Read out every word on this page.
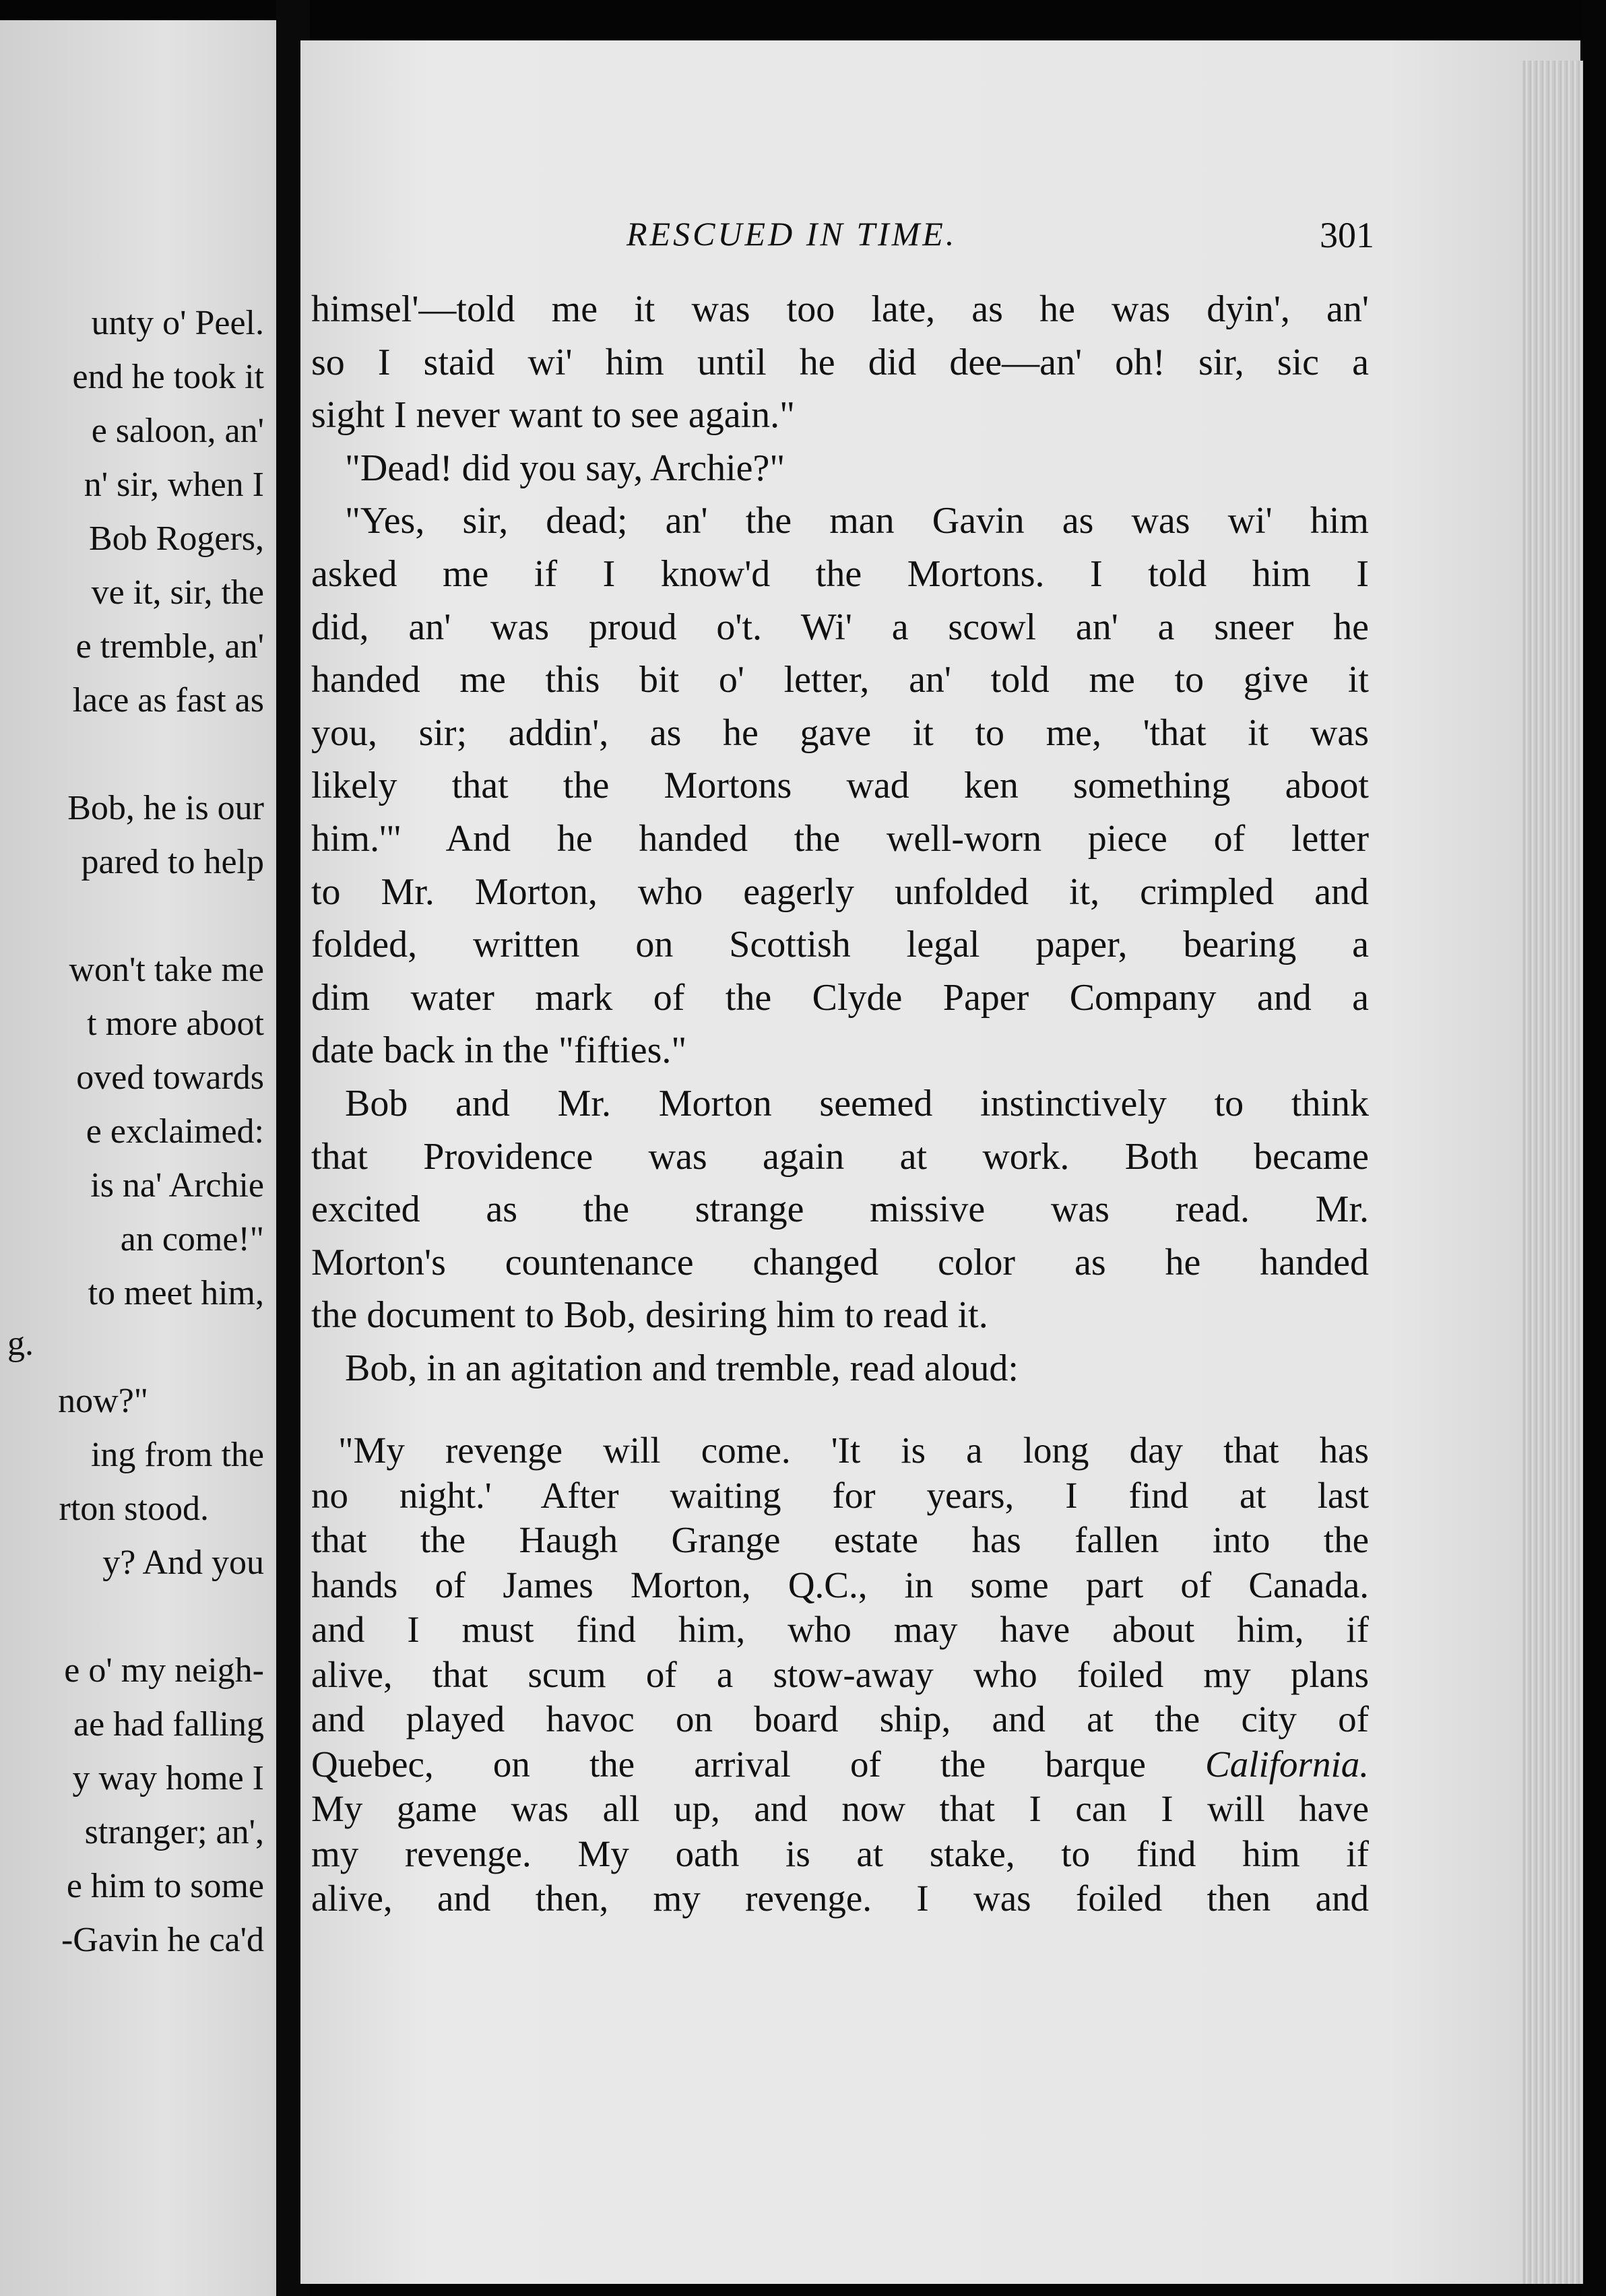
unty o' Peel.
end he took it
e saloon, an'
n' sir, when I
Bob Rogers,
ve it, sir, the
e tremble, an'
lace as fast as
Bob, he is our
pared to help
won't take me
t more aboot
oved towards
e exclaimed:
is na' Archie
an come!"
to meet him,
g.
now?"
ing from the
rton stood.
y? And you
e o' my neigh-
ae had falling
y way home I
stranger; an',
e him to some
-Gavin he ca'd
RESCUED IN TIME.	301
himsel'—told me it was too late, as he was dyin', an'
so I staid wi' him until he did dee—an' oh! sir, sic a
sight I never want to see again."
"Dead! did you say, Archie?"
"Yes, sir, dead; an' the man Gavin as was wi' him
asked me if I know'd the Mortons. I told him I
did, an' was proud o't. Wi' a scowl an' a sneer he
handed me this bit o' letter, an' told me to give it
you, sir; addin', as he gave it to me, 'that it was
likely that the Mortons wad ken something aboot
him.'" And he handed the well-worn piece of letter
to Mr. Morton, who eagerly unfolded it, crimpled and
folded, written on Scottish legal paper, bearing a
dim water mark of the Clyde Paper Company and a
date back in the "fifties."
Bob and Mr. Morton seemed instinctively to think
that Providence was again at work. Both became
excited as the strange missive was read. Mr.
Morton's countenance changed color as he handed
the document to Bob, desiring him to read it.
Bob, in an agitation and tremble, read aloud:
"My revenge will come. 'It is a long day that has
no night.' After waiting for years, I find at last
that the Haugh Grange estate has fallen into the
hands of James Morton, Q.C., in some part of Canada.
and I must find him, who may have about him, if
alive, that scum of a stow-away who foiled my plans
and played havoc on board ship, and at the city of
Quebec, on the arrival of the barque California.
My game was all up, and now that I can I will have
my revenge. My oath is at stake, to find him if
alive, and then, my revenge. I was foiled then and
